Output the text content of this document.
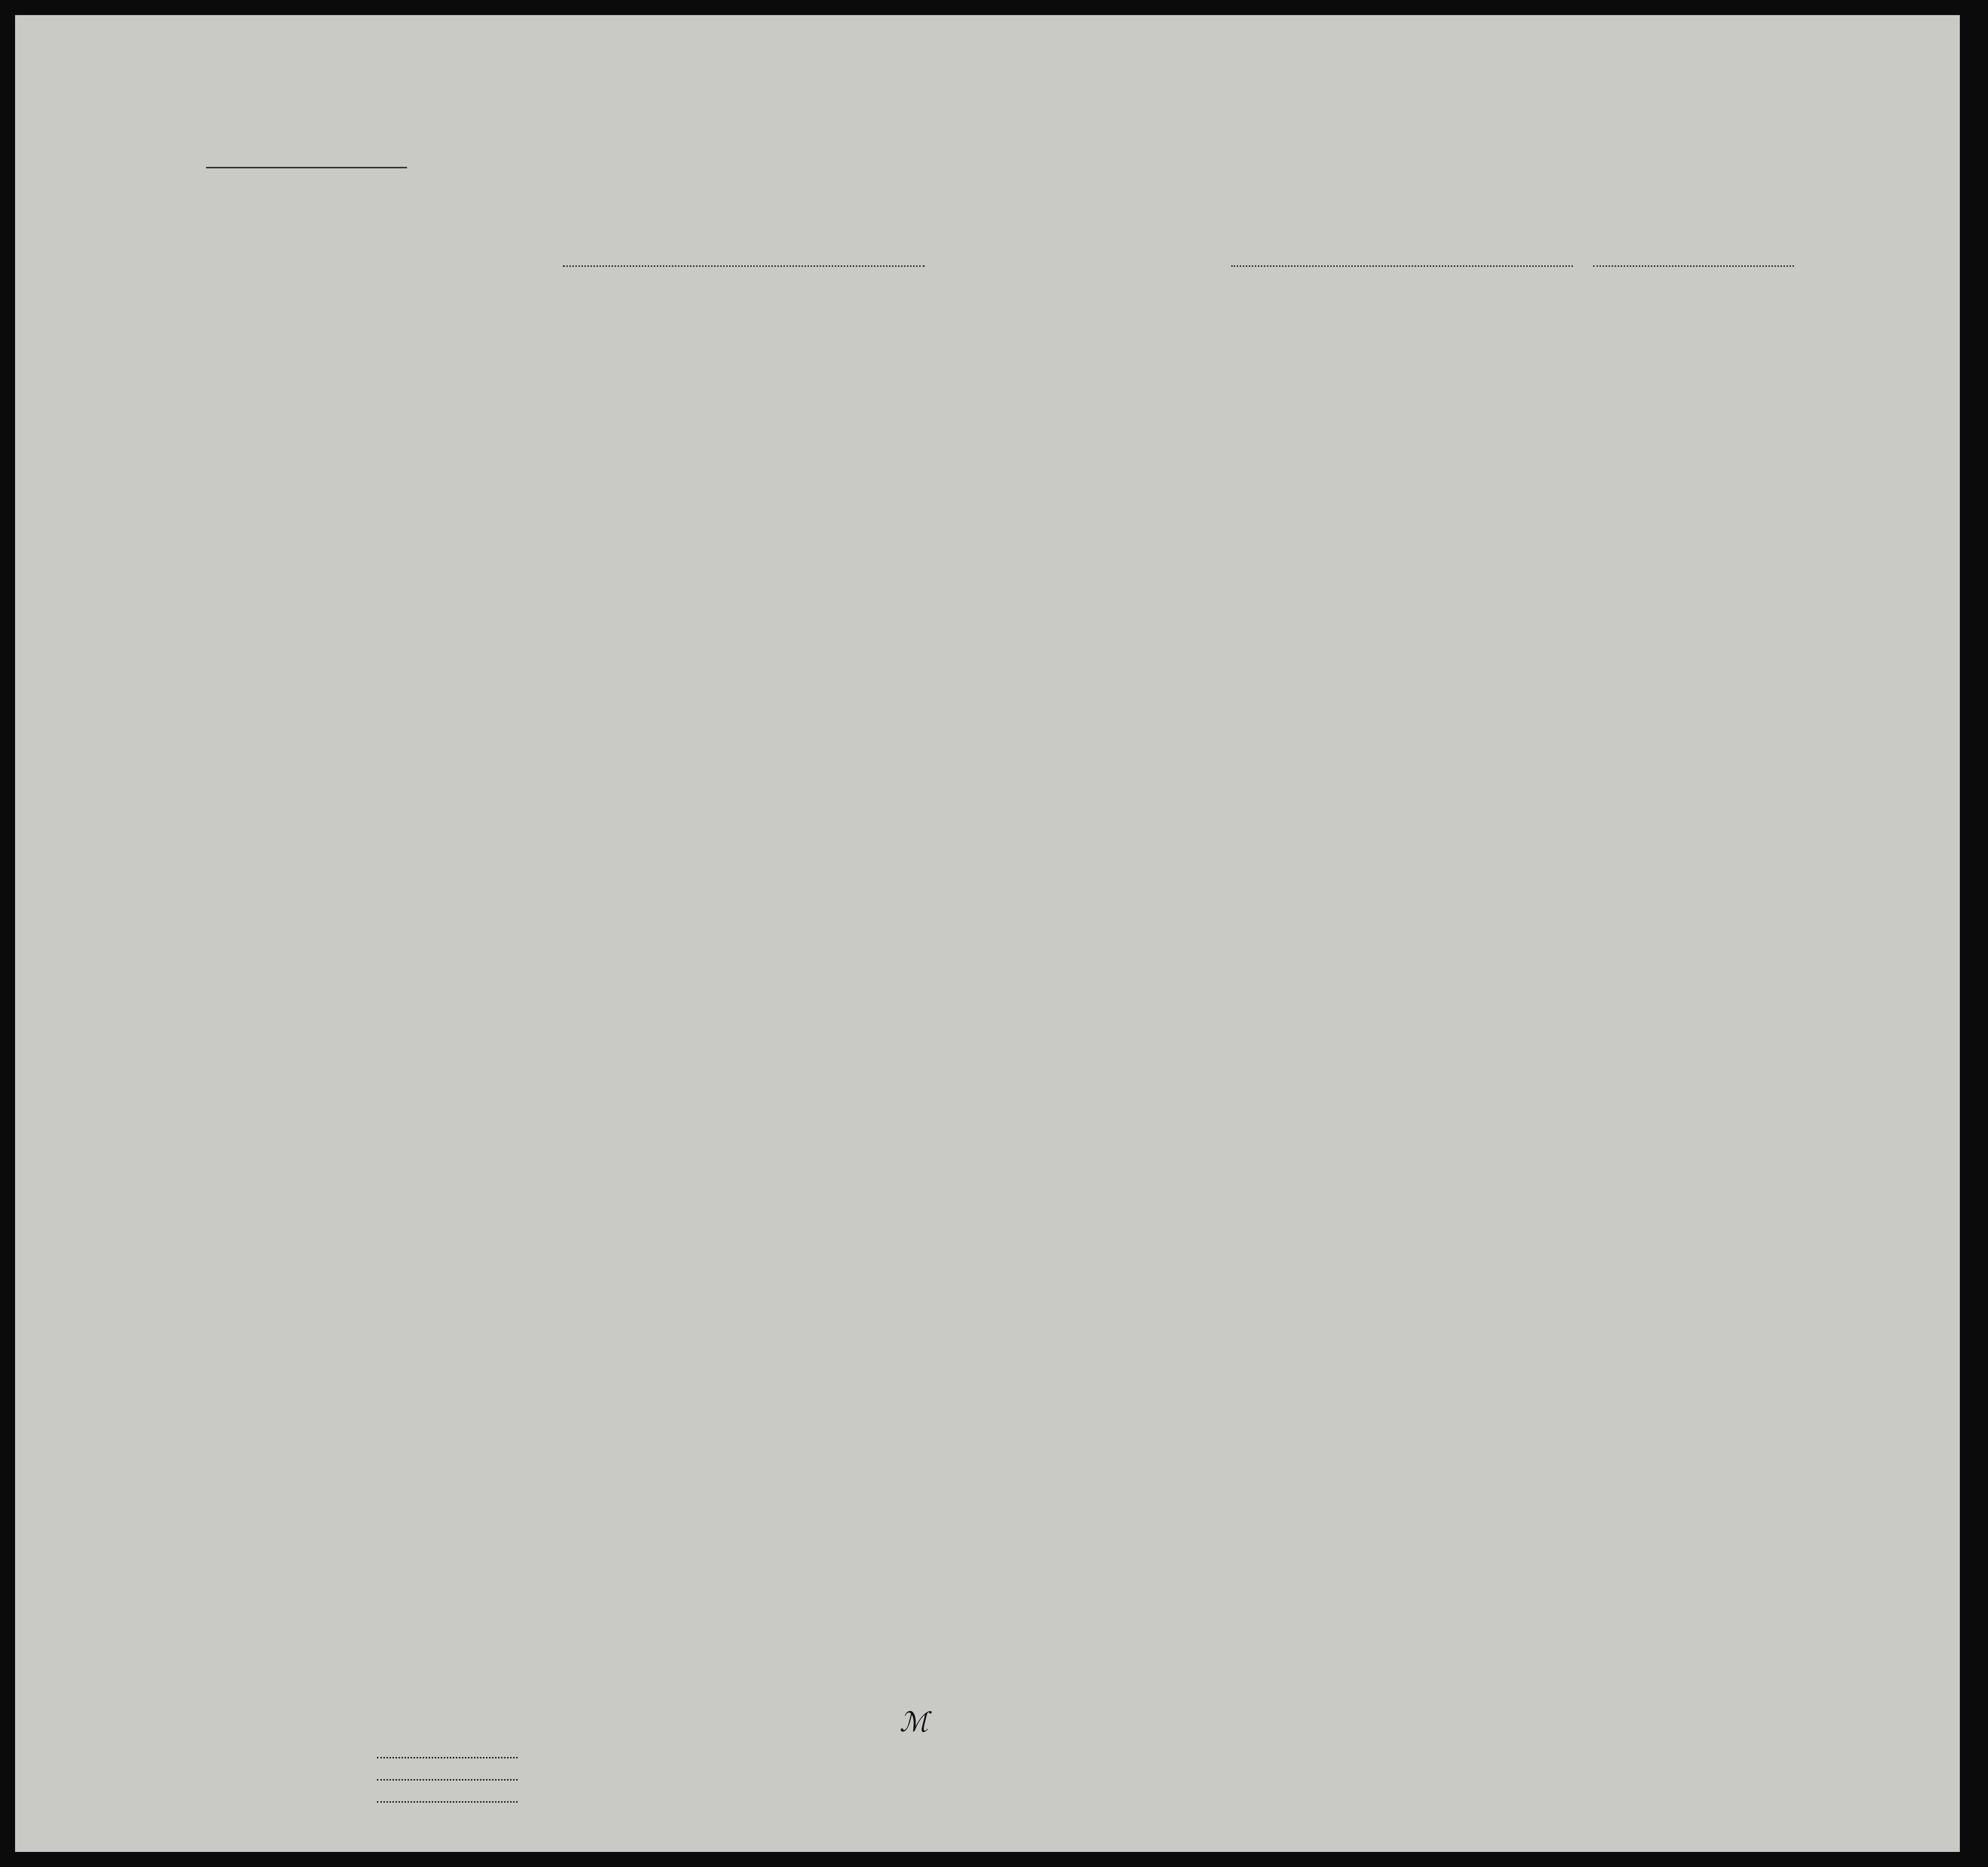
ℳ
